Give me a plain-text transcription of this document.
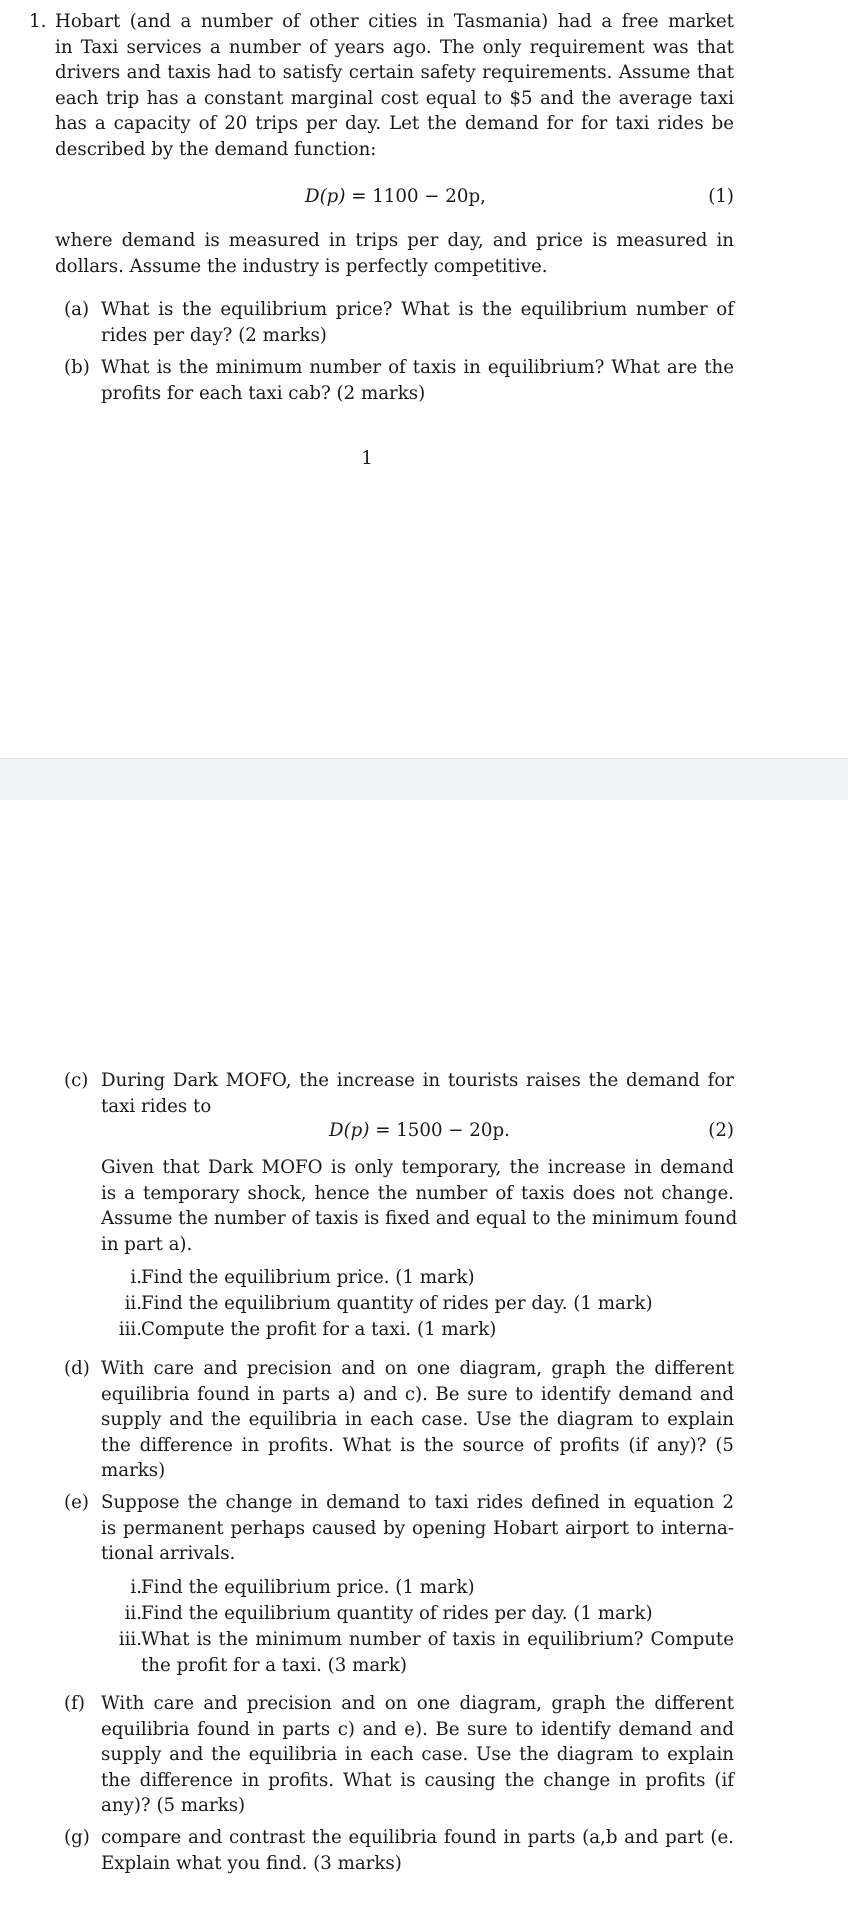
1. Hobart (and a number of other cities in Tasmania) had a free market
in Taxi services a number of years ago. The only requirement was that
drivers and taxis had to satisfy certain safety requirements. Assume that
each trip has a constant marginal cost equal to $5 and the average taxi
has a capacity of 20 trips per day. Let the demand for for taxi rides be
described by the demand function:
D(p) = 1100 − 20p,	(1)
where demand is measured in trips per day, and price is measured in
dollars. Assume the industry is perfectly competitive.
(a) What is the equilibrium price? What is the equilibrium number of
rides per day? (2 marks)
(b) What is the minimum number of taxis in equilibrium? What are the
profits for each taxi cab? (2 marks)
1
(c) During Dark MOFO, the increase in tourists raises the demand for
taxi rides to
D(p) = 1500 − 20p.	(2)
Given that Dark MOFO is only temporary, the increase in demand
is a temporary shock, hence the number of taxis does not change.
Assume the number of taxis is fixed and equal to the minimum found
in part a).
i. Find the equilibrium price. (1 mark)
ii. Find the equilibrium quantity of rides per day. (1 mark)
iii. Compute the profit for a taxi. (1 mark)
(d) With care and precision and on one diagram, graph the different
equilibria found in parts a) and c). Be sure to identify demand and
supply and the equilibria in each case. Use the diagram to explain
the difference in profits. What is the source of profits (if any)? (5
marks)
(e) Suppose the change in demand to taxi rides defined in equation 2
is permanent perhaps caused by opening Hobart airport to interna-
tional arrivals.
i. Find the equilibrium price. (1 mark)
ii. Find the equilibrium quantity of rides per day. (1 mark)
iii. What is the minimum number of taxis in equilibrium? Compute
the profit for a taxi. (3 mark)
(f) With care and precision and on one diagram, graph the different
equilibria found in parts c) and e). Be sure to identify demand and
supply and the equilibria in each case. Use the diagram to explain
the difference in profits. What is causing the change in profits (if
any)? (5 marks)
(g) compare and contrast the equilibria found in parts (a,b and part (e.
Explain what you find. (3 marks)
